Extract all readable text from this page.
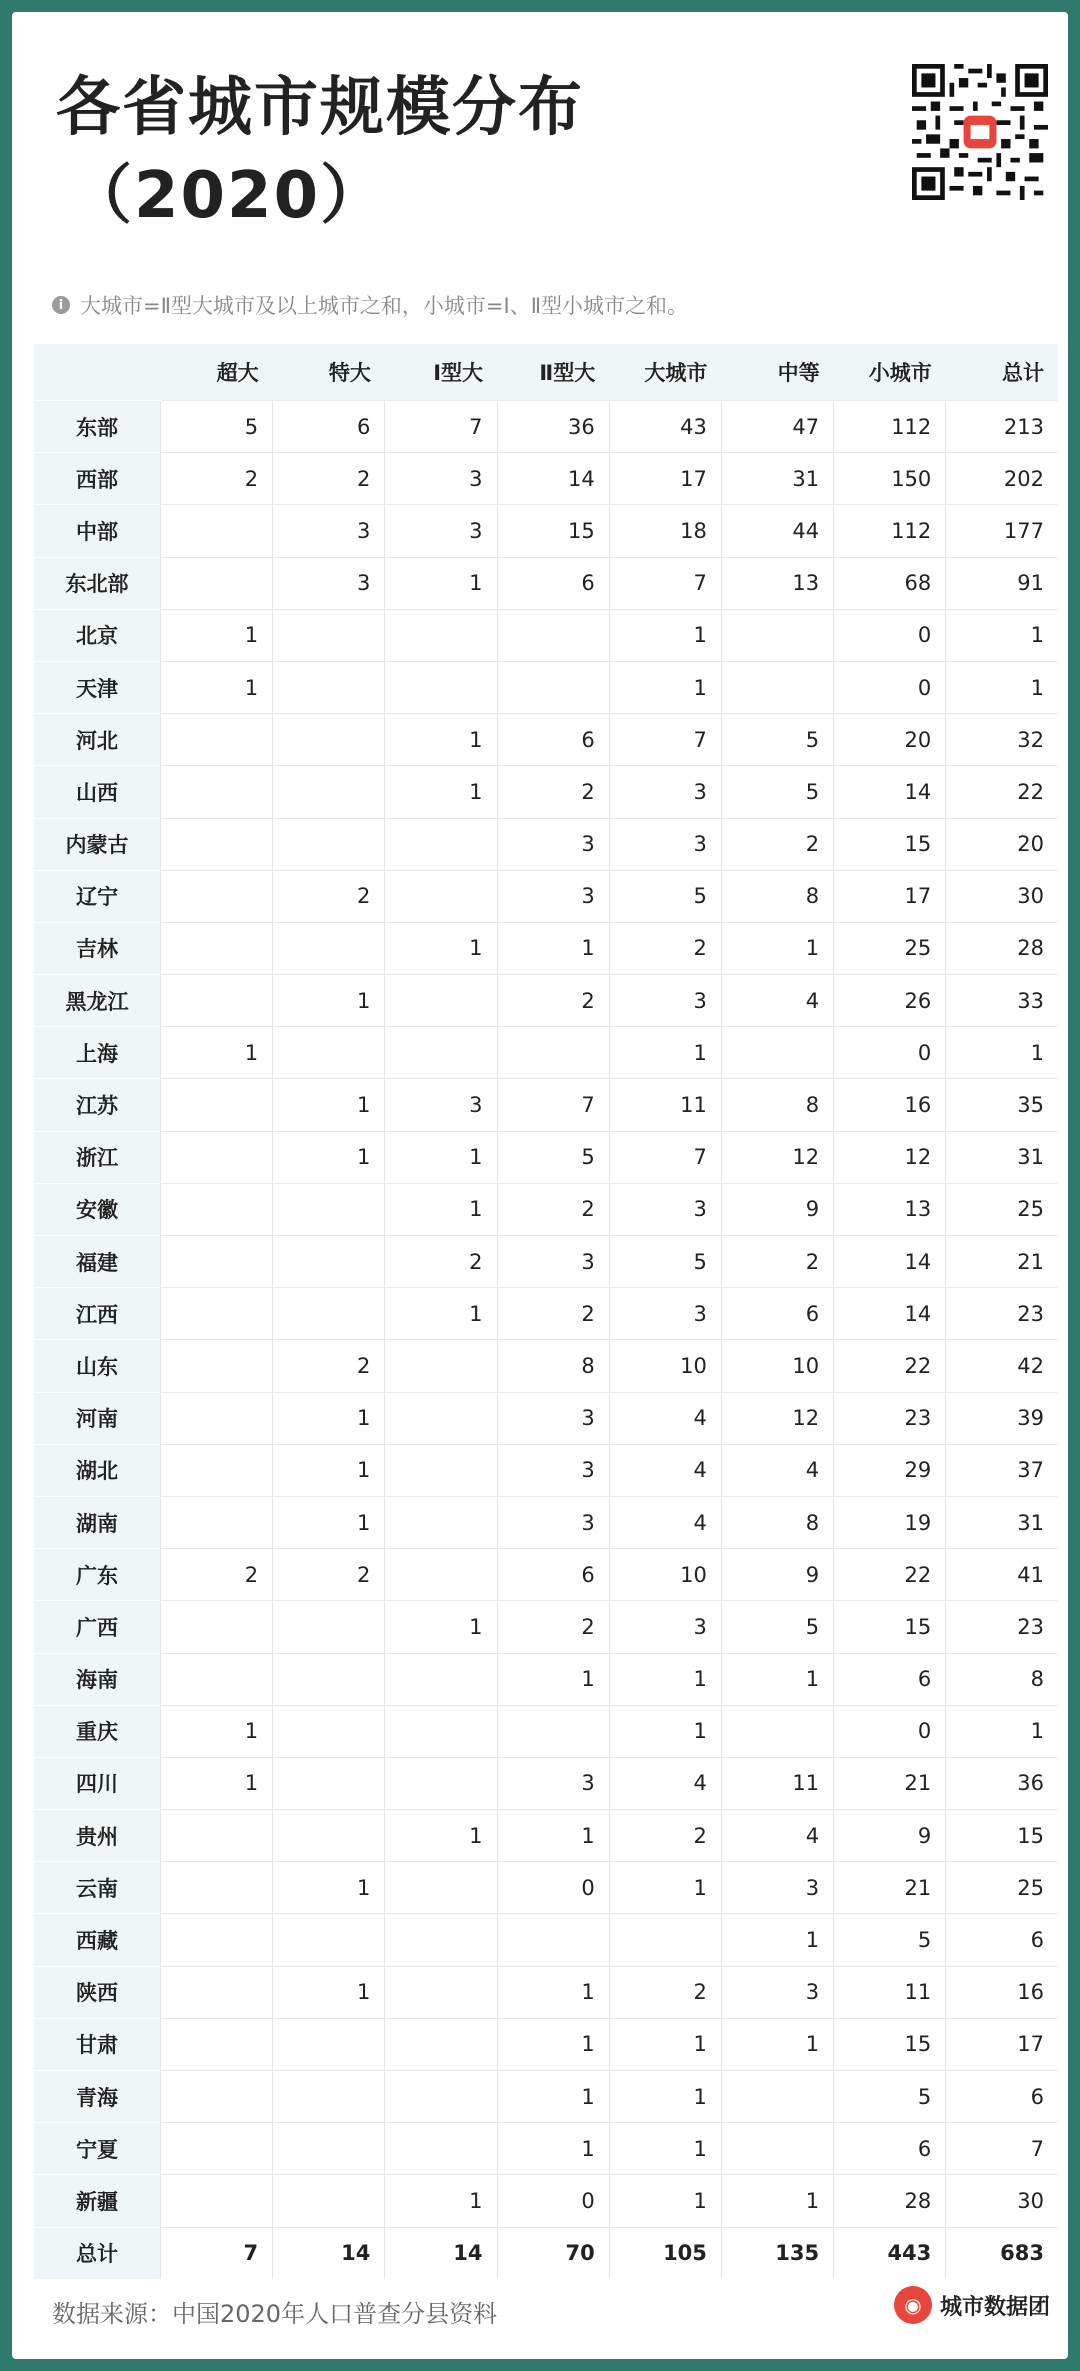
各省城市规模分布
（2020）
i 大城市=Ⅱ型大城市及以上城市之和，小城市=Ⅰ、Ⅱ型小城市之和。
	超大	特大	Ⅰ型大	Ⅱ型大	大城市	中等	小城市	总计
东部	5	6	7	36	43	47	112	213
西部	2	2	3	14	17	31	150	202
中部		3	3	15	18	44	112	177
东北部		3	1	6	7	13	68	91
北京	1				1		0	1
天津	1				1		0	1
河北			1	6	7	5	20	32
山西			1	2	3	5	14	22
内蒙古				3	3	2	15	20
辽宁		2		3	5	8	17	30
吉林			1	1	2	1	25	28
黑龙江		1		2	3	4	26	33
上海	1				1		0	1
江苏		1	3	7	11	8	16	35
浙江		1	1	5	7	12	12	31
安徽			1	2	3	9	13	25
福建			2	3	5	2	14	21
江西			1	2	3	6	14	23
山东		2		8	10	10	22	42
河南		1		3	4	12	23	39
湖北		1		3	4	4	29	37
湖南		1		3	4	8	19	31
广东	2	2		6	10	9	22	41
广西			1	2	3	5	15	23
海南				1	1	1	6	8
重庆	1				1		0	1
四川	1			3	4	11	21	36
贵州			1	1	2	4	9	15
云南		1		0	1	3	21	25
西藏						1	5	6
陕西		1		1	2	3	11	16
甘肃				1	1	1	15	17
青海				1	1		5	6
宁夏				1	1		6	7
新疆			1	0	1	1	28	30
总计	7	14	14	70	105	135	443	683
数据来源：中国2020年人口普查分县资料	◉ 城市数据团
